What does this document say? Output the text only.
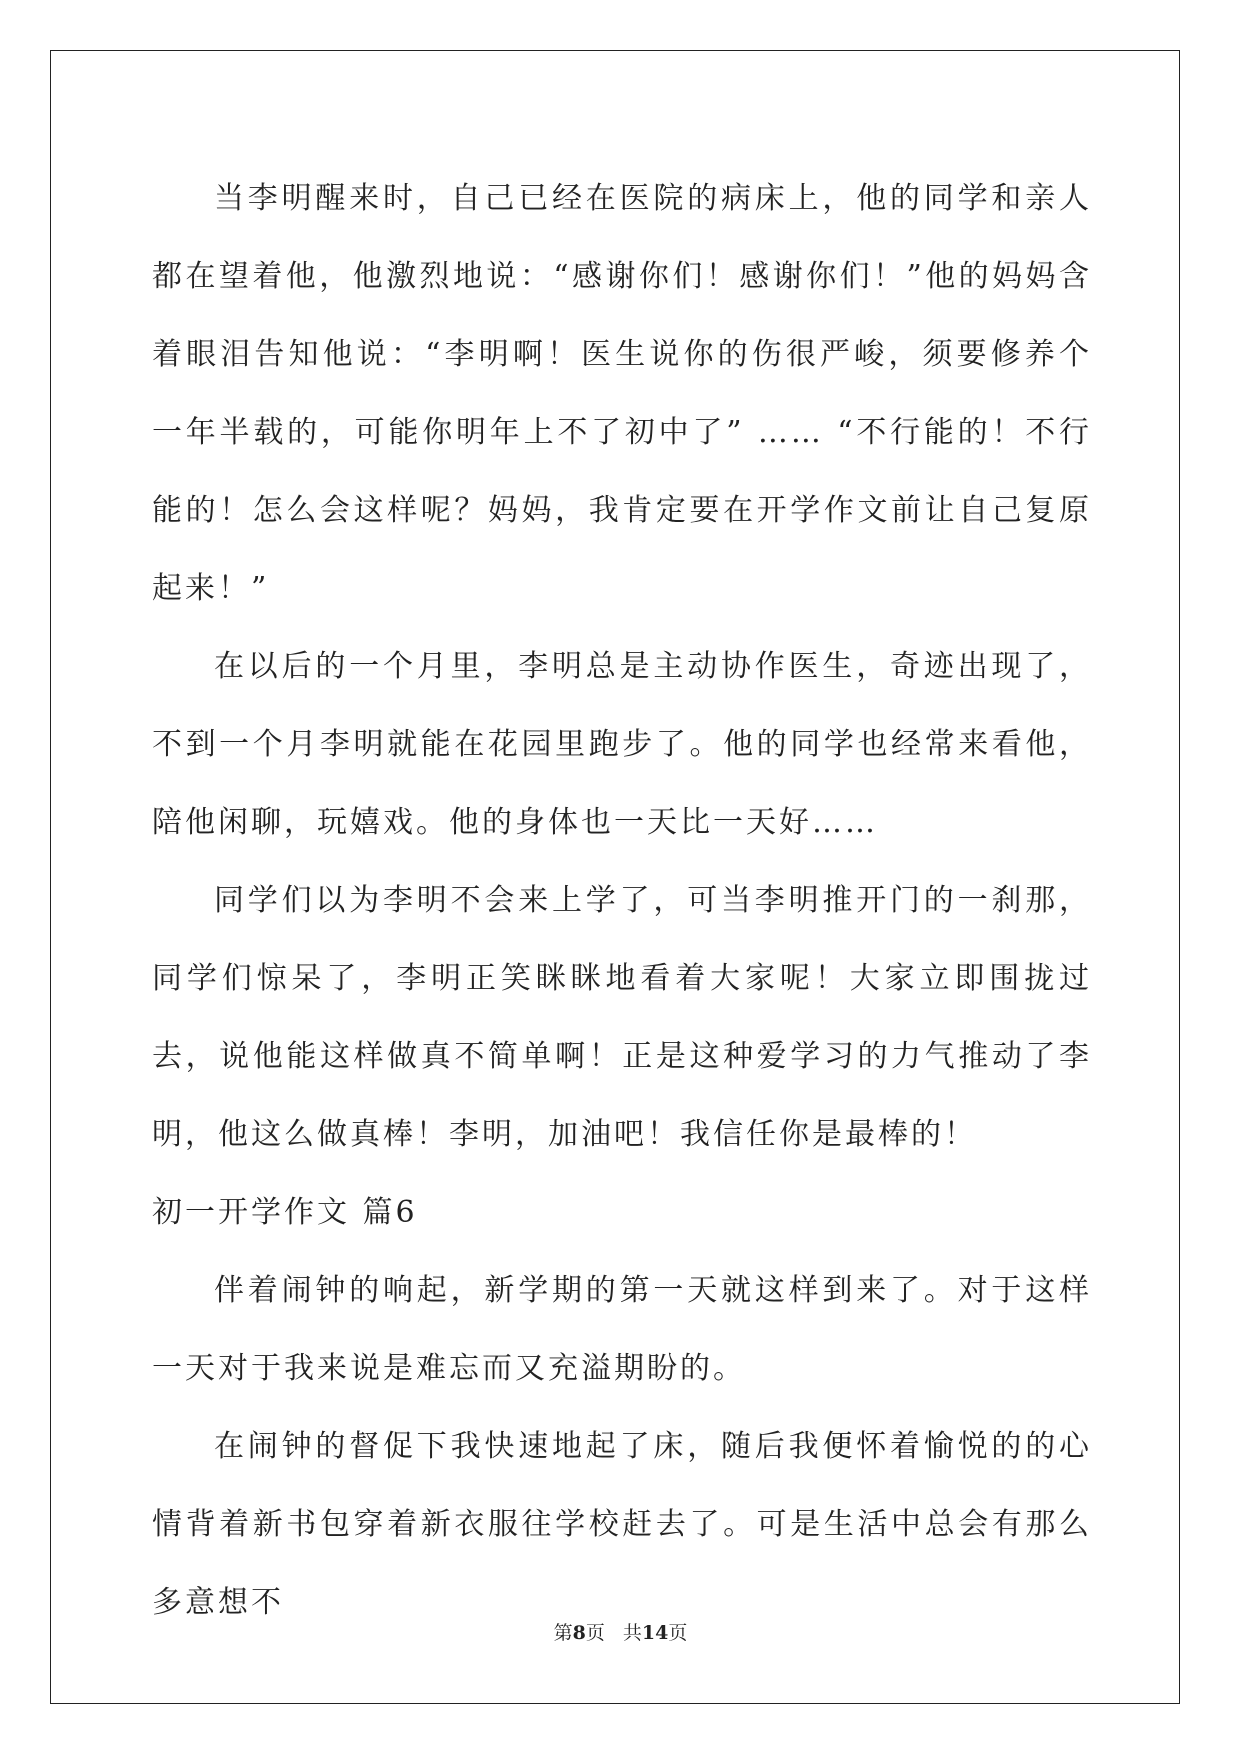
当李明醒来时，自己已经在医院的病床上，他的同学和亲人都在望着他，他激烈地说：“感谢你们！感谢你们！”他的妈妈含着眼泪告知他说：“李明啊！医生说你的伤很严峻，须要修养个一年半载的，可能你明年上不了初中了” …… “不行能的！不行能的！怎么会这样呢？妈妈，我肯定要在开学作文前让自己复原起来！”

在以后的一个月里，李明总是主动协作医生，奇迹出现了，不到一个月李明就能在花园里跑步了。他的同学也经常来看他，陪他闲聊，玩嬉戏。他的身体也一天比一天好……

同学们以为李明不会来上学了，可当李明推开门的一刹那，同学们惊呆了，李明正笑眯眯地看着大家呢！大家立即围拢过去，说他能这样做真不简单啊！正是这种爱学习的力气推动了李明，他这么做真棒！李明，加油吧！我信任你是最棒的！

初一开学作文 篇6

伴着闹钟的响起，新学期的第一天就这样到来了。对于这样一天对于我来说是难忘而又充溢期盼的。

在闹钟的督促下我快速地起了床，随后我便怀着愉悦的的心情背着新书包穿着新衣服往学校赶去了。可是生活中总会有那么多意想不

第8页 共14页
